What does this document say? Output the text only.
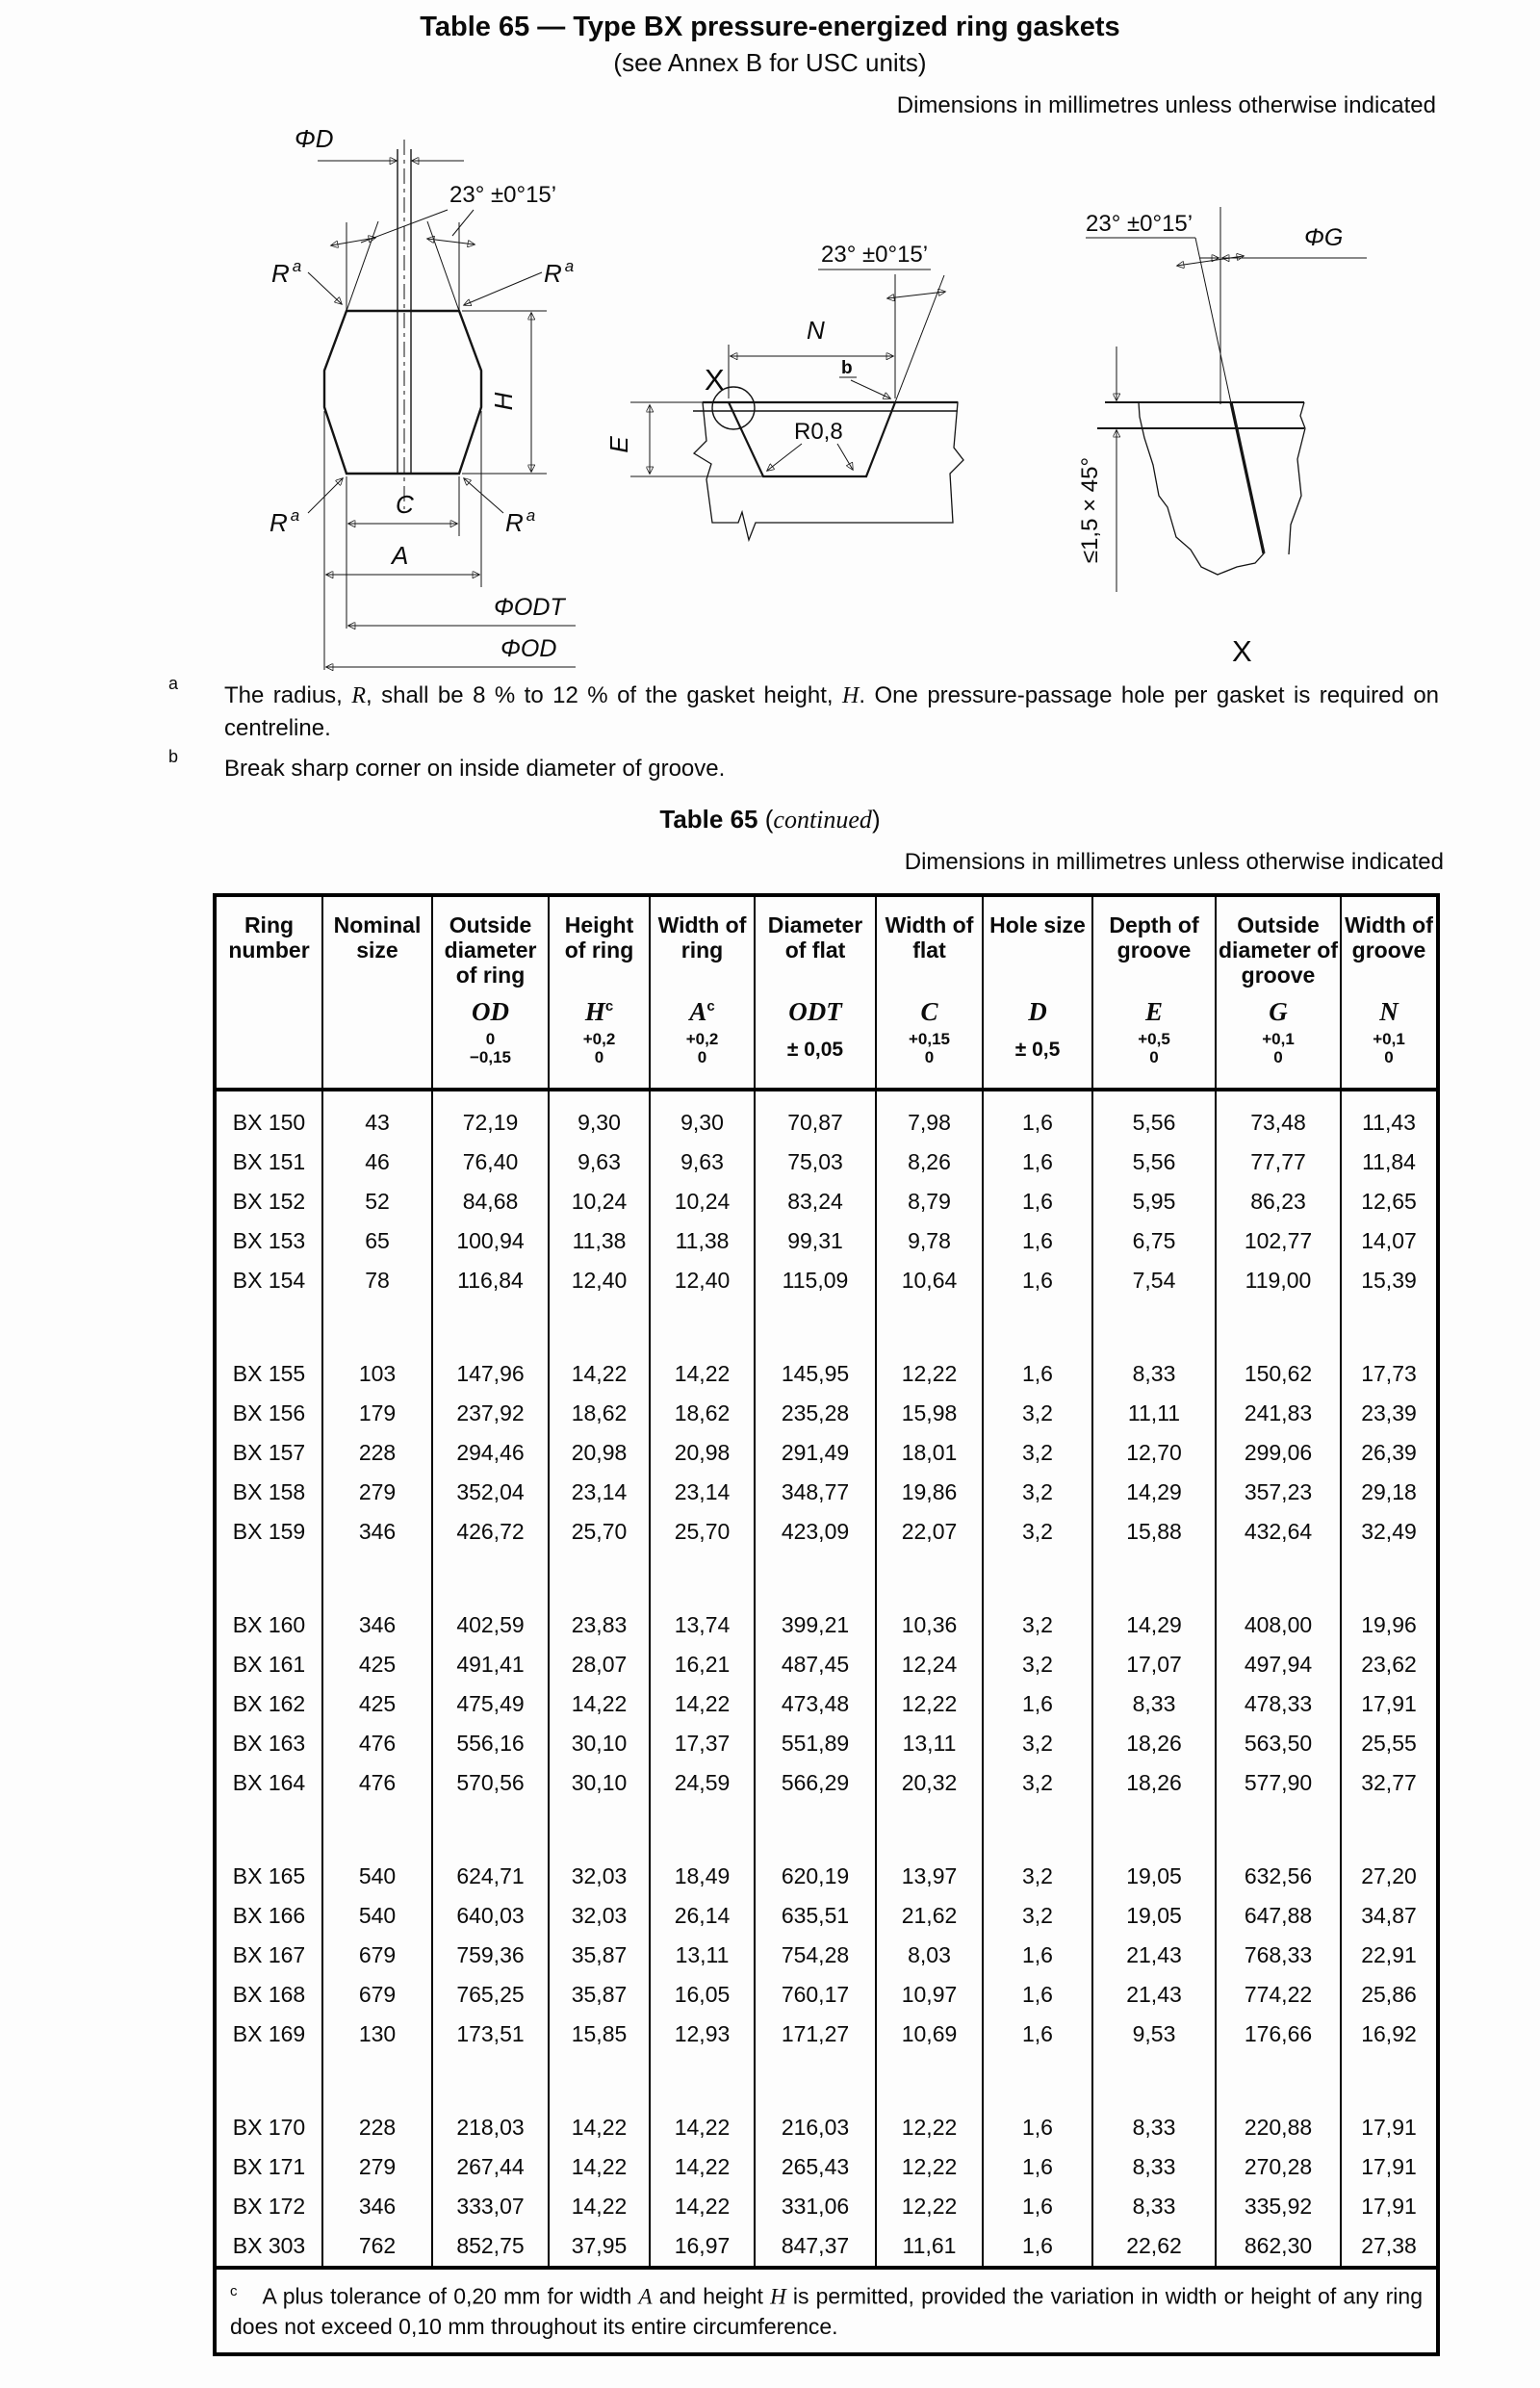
Table 65 — Type BX pressure-energized ring gaskets
(see Annex B for USC units)
Dimensions in millimetres unless otherwise indicated
ΦD
23° ±0°15’
R $^a$	R $^a$
R $^a$	R $^a$
H
C
A
ΦODT
ΦOD
E
N
23° ±0°15’
X	b
R0,8
23° ±0°15’
ΦG
≤1,5 × 45°
X
a The radius, R, shall be 8 % to 12 % of the gasket height, H. One pressure-passage hole per gasket is required on centreline.
b Break sharp corner on inside diameter of groove.
Table 65 (continued)
Dimensions in millimetres unless otherwise indicated
Ring number

Nominal size

Outside diameter of ring
OD
0
−0,15

Height of ring
$H^c$
+0,2
0

Width of ring
$A^c$
+0,2
0

Diameter of flat
ODT
± 0,05

Width of flat
C
+0,15
0

Hole size
D
± 0,5

Depth of groove
E
+0,5
0

Outside diameter of groove
G
+0,1
0

Width of groove
N
+0,1
0

BX 150	43	72,19	9,30	9,30	70,87	7,98	1,6	5,56	73,48	11,43
BX 151	46	76,40	9,63	9,63	75,03	8,26	1,6	5,56	77,77	11,84
BX 152	52	84,68	10,24	10,24	83,24	8,79	1,6	5,95	86,23	12,65
BX 153	65	100,94	11,38	11,38	99,31	9,78	1,6	6,75	102,77	14,07
BX 154	78	116,84	12,40	12,40	115,09	10,64	1,6	7,54	119,00	15,39

BX 155	103	147,96	14,22	14,22	145,95	12,22	1,6	8,33	150,62	17,73
BX 156	179	237,92	18,62	18,62	235,28	15,98	3,2	11,11	241,83	23,39
BX 157	228	294,46	20,98	20,98	291,49	18,01	3,2	12,70	299,06	26,39
BX 158	279	352,04	23,14	23,14	348,77	19,86	3,2	14,29	357,23	29,18
BX 159	346	426,72	25,70	25,70	423,09	22,07	3,2	15,88	432,64	32,49

BX 160	346	402,59	23,83	13,74	399,21	10,36	3,2	14,29	408,00	19,96
BX 161	425	491,41	28,07	16,21	487,45	12,24	3,2	17,07	497,94	23,62
BX 162	425	475,49	14,22	14,22	473,48	12,22	1,6	8,33	478,33	17,91
BX 163	476	556,16	30,10	17,37	551,89	13,11	3,2	18,26	563,50	25,55
BX 164	476	570,56	30,10	24,59	566,29	20,32	3,2	18,26	577,90	32,77

BX 165	540	624,71	32,03	18,49	620,19	13,97	3,2	19,05	632,56	27,20
BX 166	540	640,03	32,03	26,14	635,51	21,62	3,2	19,05	647,88	34,87
BX 167	679	759,36	35,87	13,11	754,28	8,03	1,6	21,43	768,33	22,91
BX 168	679	765,25	35,87	16,05	760,17	10,97	1,6	21,43	774,22	25,86
BX 169	130	173,51	15,85	12,93	171,27	10,69	1,6	9,53	176,66	16,92

BX 170	228	218,03	14,22	14,22	216,03	12,22	1,6	8,33	220,88	17,91
BX 171	279	267,44	14,22	14,22	265,43	12,22	1,6	8,33	270,28	17,91
BX 172	346	333,07	14,22	14,22	331,06	12,22	1,6	8,33	335,92	17,91
BX 303	762	852,75	37,95	16,97	847,37	11,61	1,6	22,62	862,30	27,38
$^c$ A plus tolerance of 0,20 mm for width A and height H is permitted, provided the variation in width or height of any ring does not exceed 0,10 mm throughout its entire circumference.										
